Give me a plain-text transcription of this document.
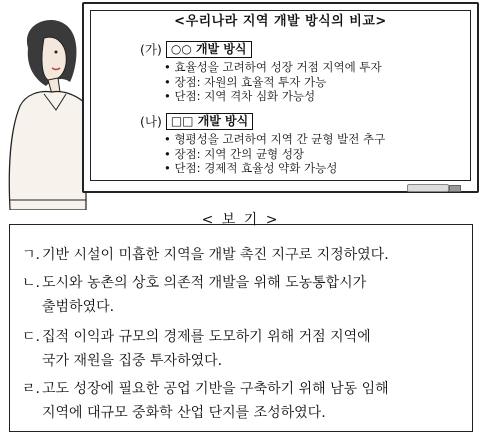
<우리나라 지역 개발 방식의 비교>
(가) ○○ 개발 방식
• 효율성을 고려하여 성장 거점 지역에 투자
• 장점: 자원의 효율적 투자 가능
• 단점: 지역 격차 심화 가능성
(나) □□ 개발 방식
• 형평성을 고려하여 지역 간 균형 발전 추구
• 장점: 지역 간의 균형 성장
• 단점: 경제적 효율성 약화 가능성
< 보 기 >
ㄱ. 기반 시설이 미흡한 지역을 개발 촉진 지구로 지정하였다.
ㄴ. 도시와 농촌의 상호 의존적 개발을 위해 도농통합시가
출범하였다.
ㄷ. 집적 이익과 규모의 경제를 도모하기 위해 거점 지역에
국가 재원을 집중 투자하였다.
ㄹ. 고도 성장에 필요한 공업 기반을 구축하기 위해 남동 임해
지역에 대규모 중화학 산업 단지를 조성하였다.
